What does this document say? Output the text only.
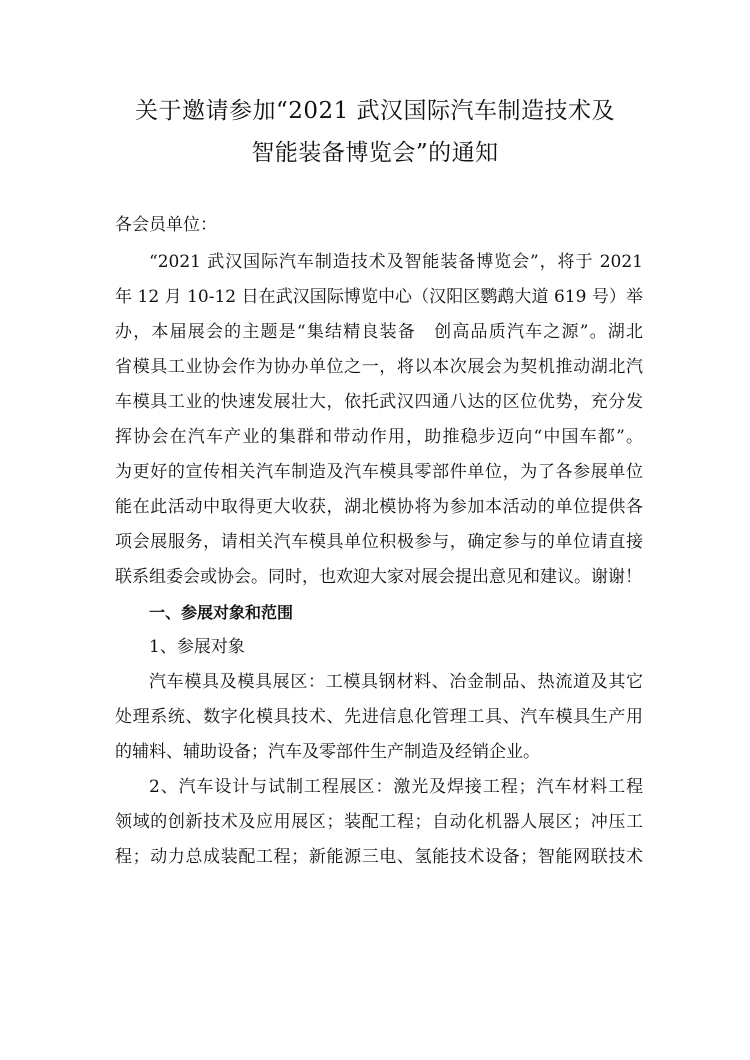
关于邀请参加“2021 武汉国际汽车制造技术及
智能装备博览会”的通知
各会员单位：
“2021 武汉国际汽车制造技术及智能装备博览会”，将于 2021
年 12 月 10-12 日在武汉国际博览中心（汉阳区鹦鹉大道 619 号）举
办，本届展会的主题是“集结精良装备　创高品质汽车之源”。湖北
省模具工业协会作为协办单位之一，将以本次展会为契机推动湖北汽
车模具工业的快速发展壮大，依托武汉四通八达的区位优势，充分发
挥协会在汽车产业的集群和带动作用，助推稳步迈向“中国车都”。
为更好的宣传相关汽车制造及汽车模具零部件单位，为了各参展单位
能在此活动中取得更大收获，湖北模协将为参加本活动的单位提供各
项会展服务，请相关汽车模具单位积极参与，确定参与的单位请直接
联系组委会或协会。同时，也欢迎大家对展会提出意见和建议。谢谢！
一、参展对象和范围
1、参展对象
汽车模具及模具展区：工模具钢材料、冶金制品、热流道及其它
处理系统、数字化模具技术、先进信息化管理工具、汽车模具生产用
的辅料、辅助设备；汽车及零部件生产制造及经销企业。
2、汽车设计与试制工程展区：激光及焊接工程；汽车材料工程
领域的创新技术及应用展区；装配工程；自动化机器人展区；冲压工
程；动力总成装配工程；新能源三电、氢能技术设备；智能网联技术
